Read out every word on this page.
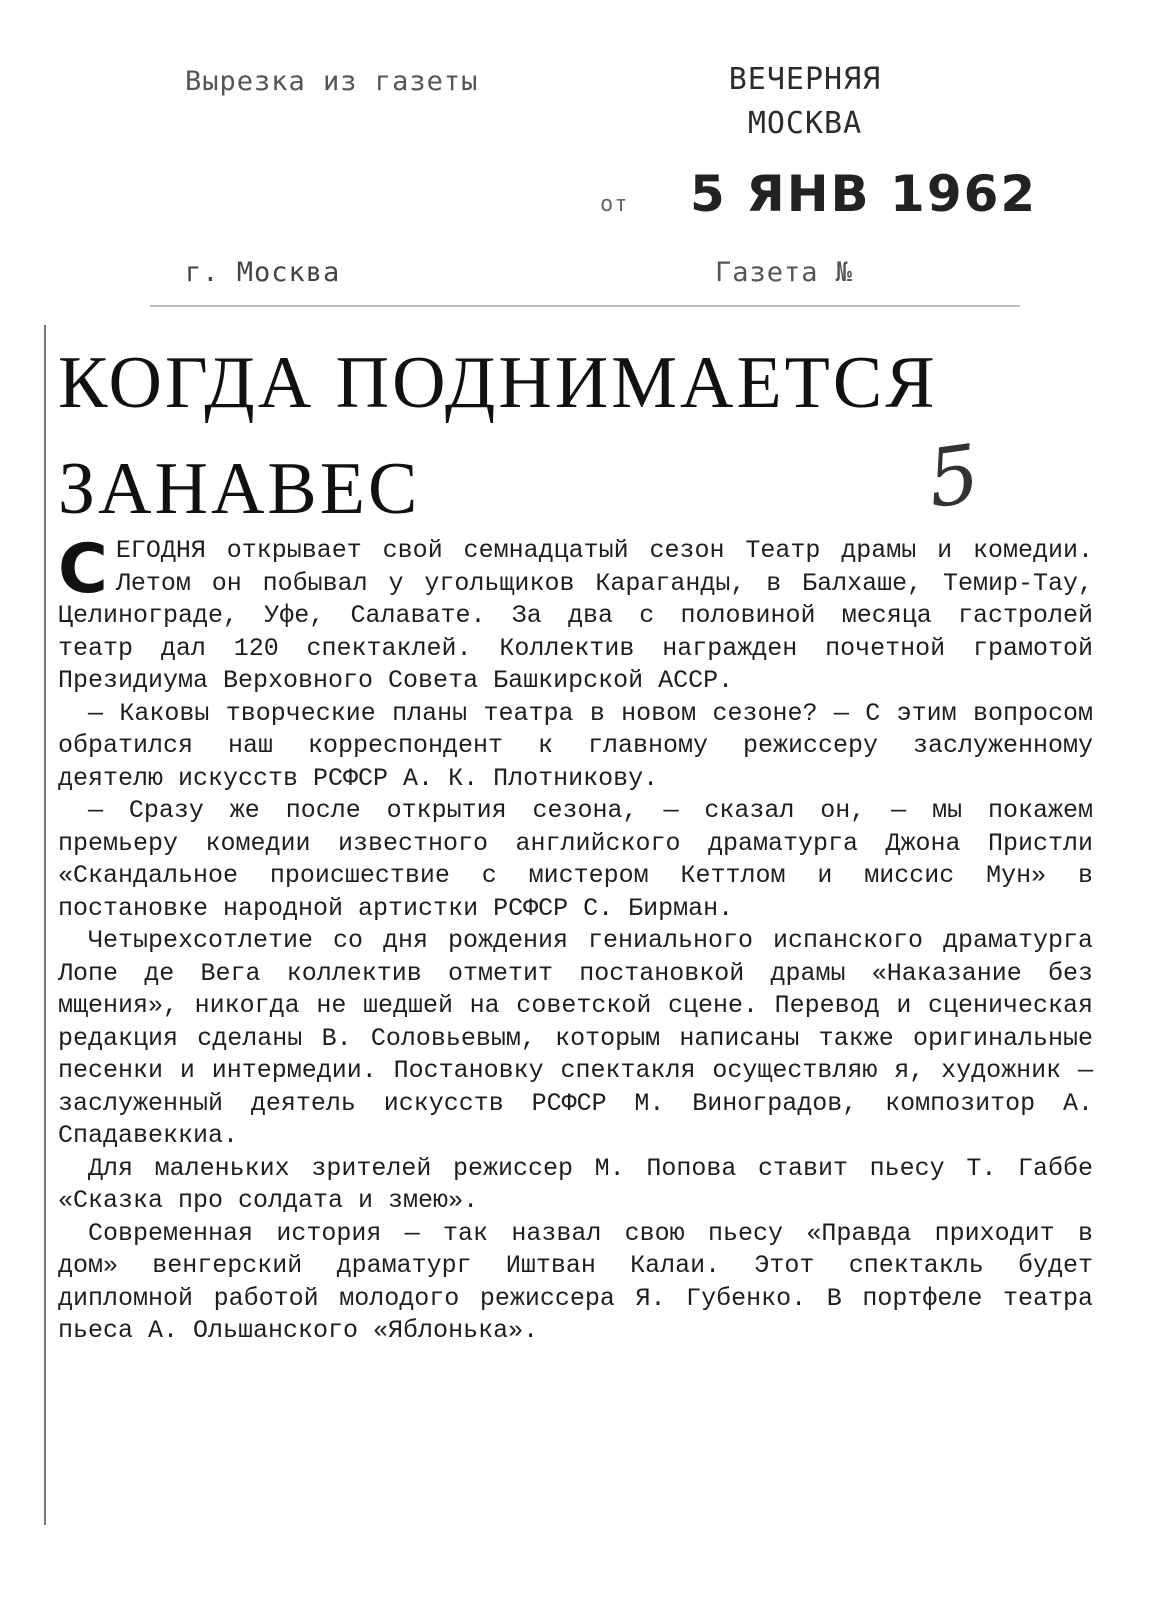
Вырезка из газеты	ВЕЧЕРНЯЯ МОСКВА
от 5 ЯНВ 1962
г. Москва	Газета №
КОГДА ПОДНИМАЕТСЯ ЗАНАВЕС	5

СЕГОДНЯ открывает свой семнадцатый сезон Театр драмы и комедии. Летом он побывал у угольщиков Караганды, в Балхаше, Темир-Тау, Целинограде, Уфе, Салавате. За два с половиной месяца гастролей театр дал 120 спектаклей. Коллектив награжден почетной грамотой Президиума Верховного Совета Башкирской АССР.

— Каковы творческие планы театра в новом сезоне? — С этим вопросом обратился наш корреспондент к главному режиссеру заслуженному деятелю искусств РСФСР А. К. Плотникову.

— Сразу же после открытия сезона, — сказал он, — мы покажем премьеру комедии известного английского драматурга Джона Пристли «Скандальное происшествие с мистером Кеттлом и миссис Мун» в постановке народной артистки РСФСР С. Бирман.

Четырехсотлетие со дня рождения гениального испанского драматурга Лопе де Вега коллектив отметит постановкой драмы «Наказание без мщения», никогда не шедшей на советской сцене. Перевод и сценическая редакция сделаны В. Соловьевым, которым написаны также оригинальные песенки и интермедии. Постановку спектакля осуществляю я, художник — заслуженный деятель искусств РСФСР М. Виноградов, композитор А. Спадавеккиа.

Для маленьких зрителей режиссер М. Попова ставит пьесу Т. Габбе «Сказка про солдата и змею».

Современная история — так назвал свою пьесу «Правда приходит в дом» венгерский драматург Иштван Калаи. Этот спектакль будет дипломной работой молодого режиссера Я. Губенко. В портфеле театра пьеса А. Ольшанского «Яблонька».
